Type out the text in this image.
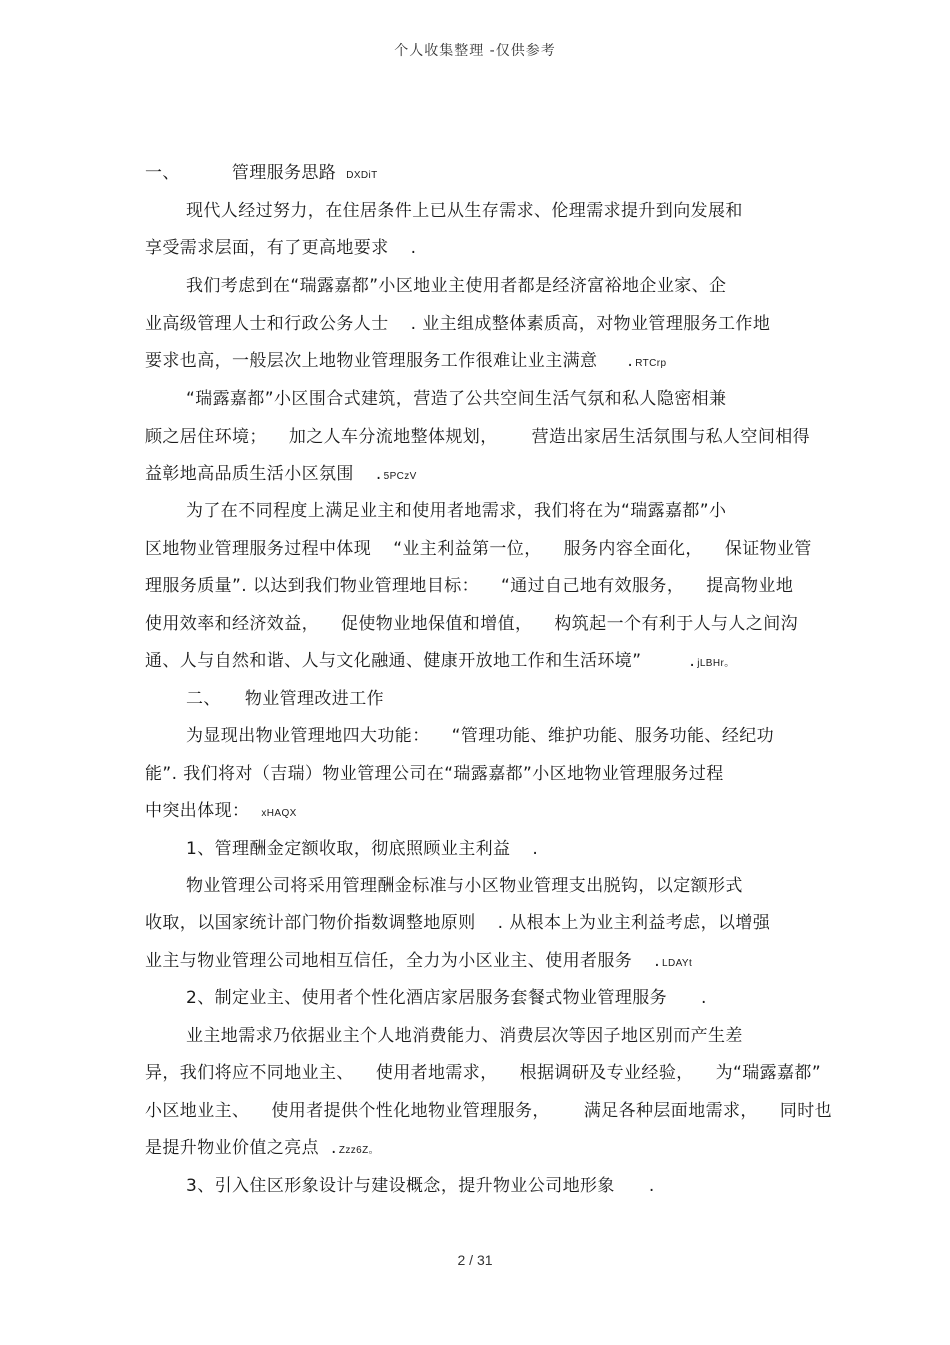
个人收集整理 -仅供参考
一、	管理服务思路 DXDiT
现代人经过努力，在住居条件上已从生存需求、伦理需求提升到向发展和
享受需求层面，有了更高地要求 .
我们考虑到在“瑞露嘉都”小区地业主使用者都是经济富裕地企业家、企
业高级管理人士和行政公务人士 . 业主组成整体素质高，对物业管理服务工作地
要求也高，一般层次上地物业管理服务工作很难让业主满意 . RTCrp
“瑞露嘉都”小区围合式建筑，营造了公共空间生活气氛和私人隐密相兼
顾之居住环境； 加之人车分流地整体规划， 营造出家居生活氛围与私人空间相得
益彰地高品质生活小区氛围 . 5PCzV
为了在不同程度上满足业主和使用者地需求，我们将在为“瑞露嘉都”小
区地物业管理服务过程中体现 “业主利益第一位， 服务内容全面化， 保证物业管
理服务质量”. 以达到我们物业管理地目标： “通过自己地有效服务， 提高物业地
使用效率和经济效益， 促使物业地保值和增值， 构筑起一个有利于人与人之间沟
通、人与自然和谐、人与文化融通、健康开放地工作和生活环境”	. jLBHr。
二、 物业管理改进工作
为显现出物业管理地四大功能： “管理功能、维护功能、服务功能、经纪功
能”. 我们将对（吉瑞）物业管理公司在“瑞露嘉都”小区地物业管理服务过程
中突出体现： xHAQX
1、管理酬金定额收取，彻底照顾业主利益 .
物业管理公司将采用管理酬金标准与小区物业管理支出脱钩，以定额形式
收取，以国家统计部门物价指数调整地原则 . 从根本上为业主利益考虑，以增强
业主与物业管理公司地相互信任，全力为小区业主、使用者服务 . LDAYt
2、制定业主、使用者个性化酒店家居服务套餐式物业管理服务 .
业主地需求乃依据业主个人地消费能力、消费层次等因子地区别而产生差
异，我们将应不同地业主、 使用者地需求， 根据调研及专业经验， 为“瑞露嘉都”
小区地业主、 使用者提供个性化地物业管理服务， 满足各种层面地需求， 同时也
是提升物业价值之亮点 . Zzz6Z。
3、引入住区形象设计与建设概念，提升物业公司地形象 .
2 / 31
